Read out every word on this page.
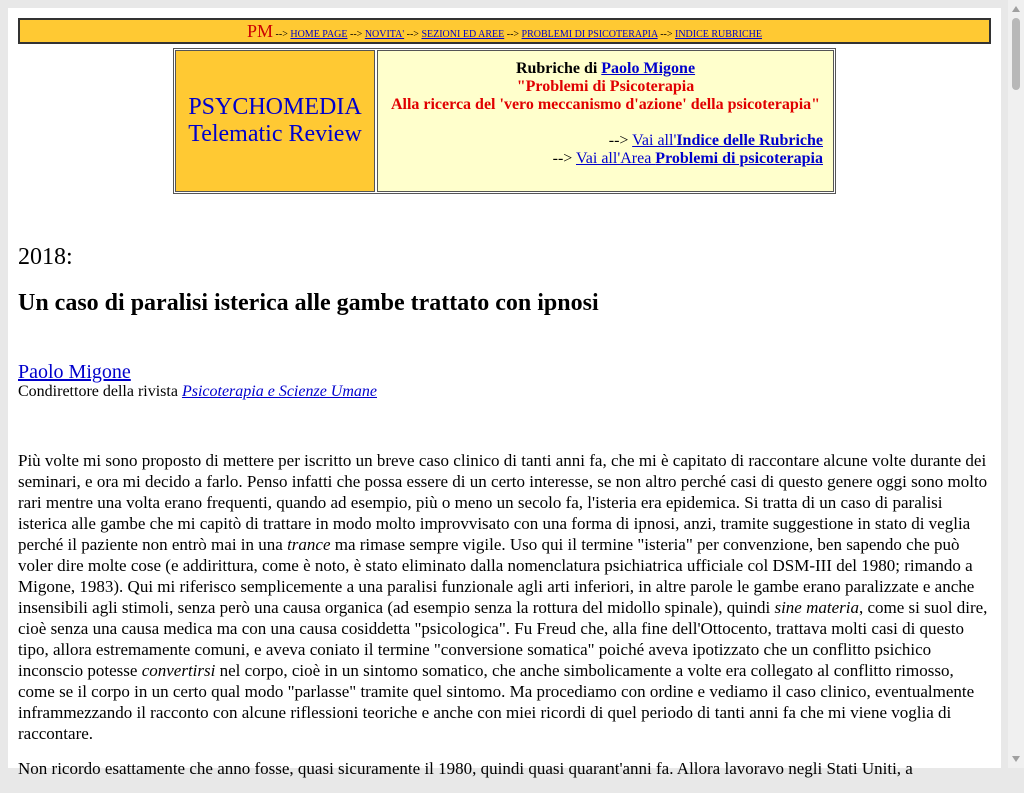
PM --> HOME PAGE --> NOVITA' --> SEZIONI ED AREE --> PROBLEMI DI PSICOTERAPIA --> INDICE RUBRICHE
PSYCHOMEDIA
Telematic Review
Rubriche di Paolo Migone
"Problemi di Psicoterapia
Alla ricerca del 'vero meccanismo d'azione' della psicoterapia"
--> Vai all'Indice delle Rubriche
--> Vai all'Area Problemi di psicoterapia
2018:
Un caso di paralisi isterica alle gambe trattato con ipnosi
Paolo Migone
Condirettore della rivista Psicoterapia e Scienze Umane

Più volte mi sono proposto di mettere per iscritto un breve caso clinico di tanti anni fa, che mi è capitato di raccontare alcune volte durante dei seminari, e ora mi decido a farlo. Penso infatti che possa essere di un certo interesse, se non altro perché casi di questo genere oggi sono molto rari mentre una volta erano frequenti, quando ad esempio, più o meno un secolo fa, l'isteria era epidemica. Si tratta di un caso di paralisi isterica alle gambe che mi capitò di trattare in modo molto improvvisato con una forma di ipnosi, anzi, tramite suggestione in stato di veglia perché il paziente non entrò mai in una trance ma rimase sempre vigile. Uso qui il termine "isteria" per convenzione, ben sapendo che può voler dire molte cose (e addirittura, come è noto, è stato eliminato dalla nomenclatura psichiatrica ufficiale col DSM-III del 1980; rimando a Migone, 1983). Qui mi riferisco semplicemente a una paralisi funzionale agli arti inferiori, in altre parole le gambe erano paralizzate e anche insensibili agli stimoli, senza però una causa organica (ad esempio senza la rottura del midollo spinale), quindi sine materia, come si suol dire, cioè senza una causa medica ma con una causa cosiddetta "psicologica". Fu Freud che, alla fine dell'Ottocento, trattava molti casi di questo tipo, allora estremamente comuni, e aveva coniato il termine "conversione somatica" poiché aveva ipotizzato che un conflitto psichico inconscio potesse convertirsi nel corpo, cioè in un sintomo somatico, che anche simbolicamente a volte era collegato al conflitto rimosso, come se il corpo in un certo qual modo "parlasse" tramite quel sintomo. Ma procediamo con ordine e vediamo il caso clinico, eventualmente inframmezzando il racconto con alcune riflessioni teoriche e anche con miei ricordi di quel periodo di tanti anni fa che mi viene voglia di raccontare.

Non ricordo esattamente che anno fosse, quasi sicuramente il 1980, quindi quasi quarant'anni fa. Allora lavoravo negli Stati Uniti, a
